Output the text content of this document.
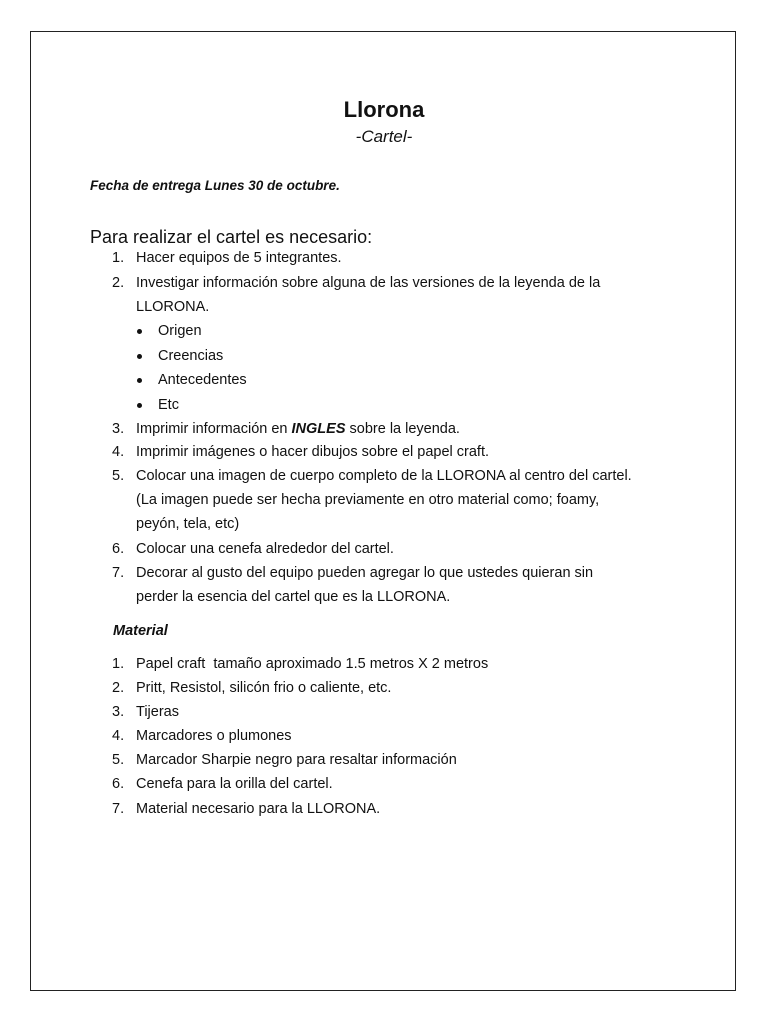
Llorona
-Cartel-
Fecha de entrega Lunes 30 de octubre.
Para realizar el cartel es necesario:
1. Hacer equipos de 5 integrantes.
2. Investigar información sobre alguna de las versiones de la leyenda de la
LLORONA.
Origen
Creencias
Antecedentes
Etc
3. Imprimir información en INGLES sobre la leyenda.
4. Imprimir imágenes o hacer dibujos sobre el papel craft.
5. Colocar una imagen de cuerpo completo de la LLORONA al centro del cartel.
(La imagen puede ser hecha previamente en otro material como; foamy,
peyón, tela, etc)
6. Colocar una cenefa alrededor del cartel.
7. Decorar al gusto del equipo pueden agregar lo que ustedes quieran sin
perder la esencia del cartel que es la LLORONA.
Material
1. Papel craft  tamaño aproximado 1.5 metros X 2 metros
2. Pritt, Resistol, silicón frio o caliente, etc.
3. Tijeras
4. Marcadores o plumones
5. Marcador Sharpie negro para resaltar información
6. Cenefa para la orilla del cartel.
7. Material necesario para la LLORONA.
